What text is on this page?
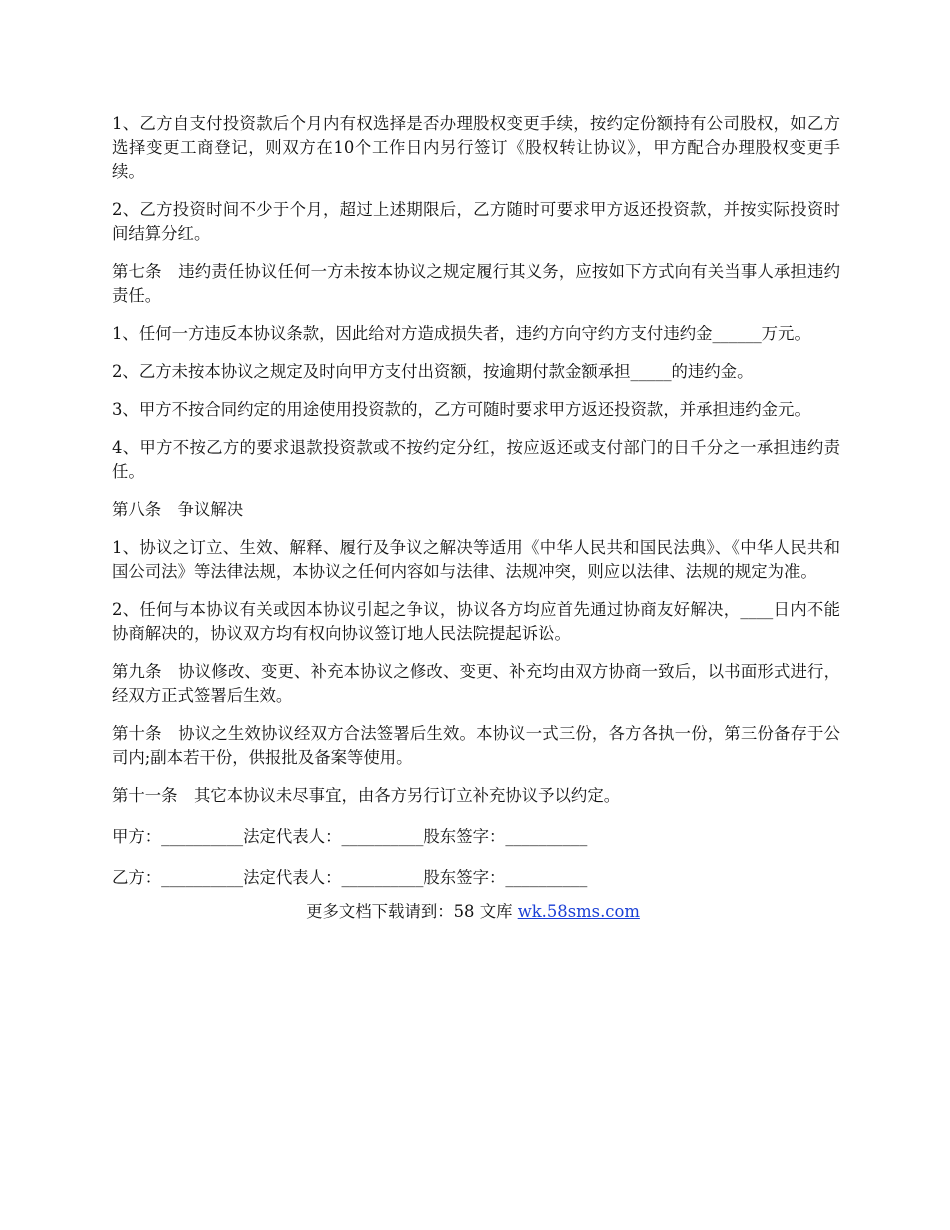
1、乙方自支付投资款后个月内有权选择是否办理股权变更手续，按约定份额持有公司股权，如乙方选择变更工商登记，则双方在10个工作日内另行签订《股权转让协议》，甲方配合办理股权变更手续。

2、乙方投资时间不少于个月，超过上述期限后，乙方随时可要求甲方返还投资款，并按实际投资时间结算分红。

第七条　违约责任协议任何一方未按本协议之规定履行其义务，应按如下方式向有关当事人承担违约责任。

1、任何一方违反本协议条款，因此给对方造成损失者，违约方向守约方支付违约金______万元。

2、乙方未按本协议之规定及时向甲方支付出资额，按逾期付款金额承担_____的违约金。

3、甲方不按合同约定的用途使用投资款的，乙方可随时要求甲方返还投资款，并承担违约金元。

4、甲方不按乙方的要求退款投资款或不按约定分红，按应返还或支付部门的日千分之一承担违约责任。

第八条　争议解决

1、协议之订立、生效、解释、履行及争议之解决等适用《中华人民共和国民法典》、《中华人民共和国公司法》等法律法规，本协议之任何内容如与法律、法规冲突，则应以法律、法规的规定为准。

2、任何与本协议有关或因本协议引起之争议，协议各方均应首先通过协商友好解决，____日内不能协商解决的，协议双方均有权向协议签订地人民法院提起诉讼。

第九条　协议修改、变更、补充本协议之修改、变更、补充均由双方协商一致后，以书面形式进行，经双方正式签署后生效。

第十条　协议之生效协议经双方合法签署后生效。本协议一式三份，各方各执一份，第三份备存于公司内;副本若干份，供报批及备案等使用。

第十一条　其它本协议未尽事宜，由各方另行订立补充协议予以约定。

甲方：__________法定代表人：__________股东签字：__________

乙方：__________法定代表人：__________股东签字：__________

更多文档下载请到：58 文库 wk.58sms.com
